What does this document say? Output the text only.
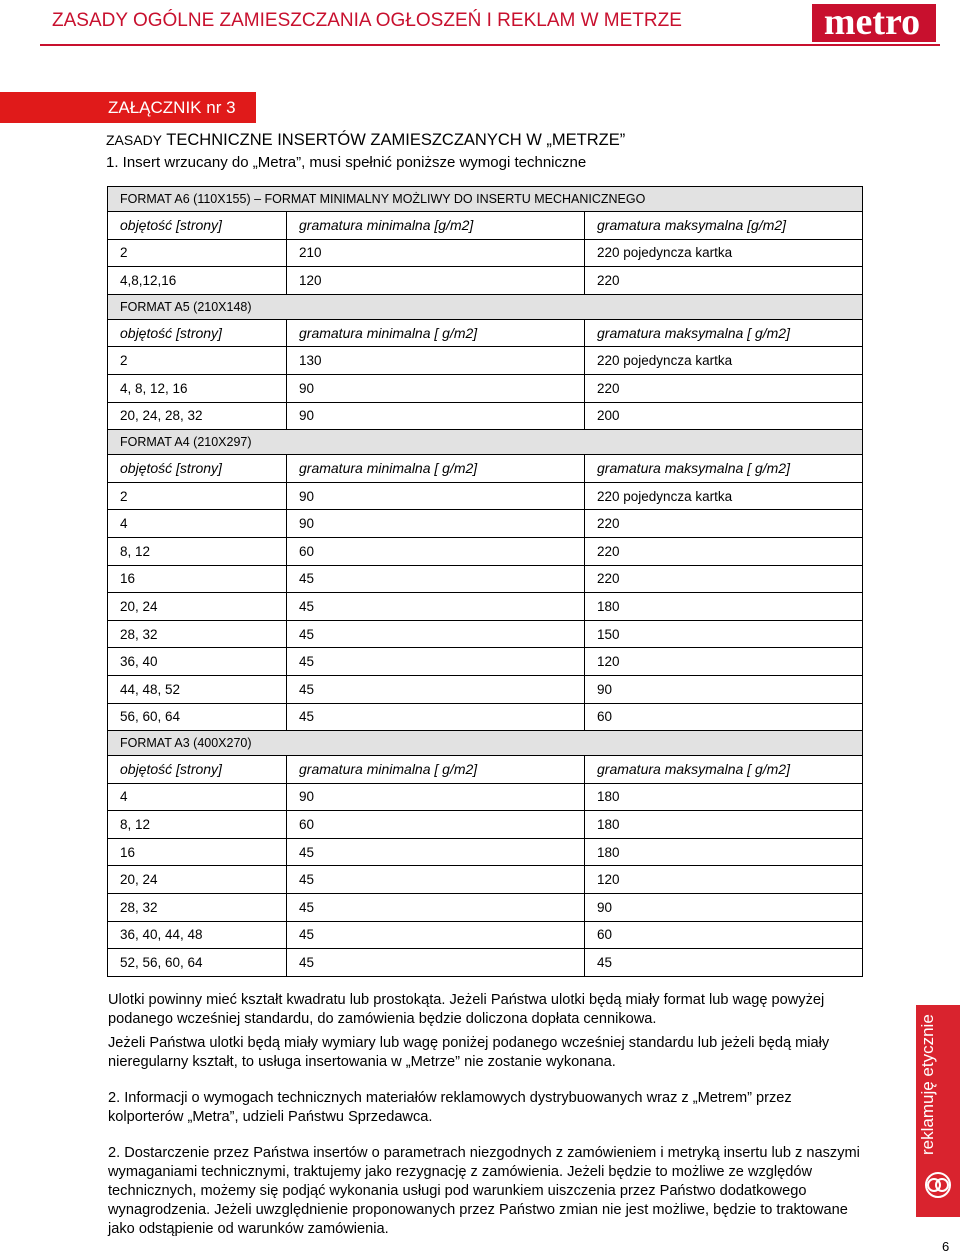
ZASADY OGÓLNE ZAMIESZCZANIA OGŁOSZEŃ I REKLAM W METRZE	metro
ZAŁĄCZNIK nr 3
ZASADY TECHNICZNE INSERTÓW ZAMIESZCZANYCH W „METRZE”
1. Insert wrzucany do „Metra”, musi spełnić poniższe wymogi techniczne
FORMAT A6 (110X155) – FORMAT MINIMALNY MOŻLIWY DO INSERTU MECHANICZNEGO		
objętość [strony]	gramatura minimalna [g/m2]	gramatura maksymalna [g/m2]
2	210	220 pojedyncza kartka
4,8,12,16	120	220
FORMAT A5 (210X148)		
objętość [strony]	gramatura minimalna [ g/m2]	gramatura maksymalna [ g/m2]
2	130	220 pojedyncza kartka
4, 8, 12, 16	90	220
20, 24, 28, 32	90	200
FORMAT A4 (210X297)		
objętość [strony]	gramatura minimalna [ g/m2]	gramatura maksymalna [ g/m2]
2	90	220 pojedyncza kartka
4	90	220
8, 12	60	220
16	45	220
20, 24	45	180
28, 32	45	150
36, 40	45	120
44, 48, 52	45	90
56, 60, 64	45	60
FORMAT A3 (400X270)		
objętość [strony]	gramatura minimalna [ g/m2]	gramatura maksymalna [ g/m2]
4	90	180
8, 12	60	180
16	45	180
20, 24	45	120
28, 32	45	90
36, 40, 44, 48	45	60
52, 56, 60, 64	45	45
Ulotki powinny mieć kształt kwadratu lub prostokąta. Jeżeli Państwa ulotki będą miały format lub wagę powyżej podanego wcześniej standardu, do zamówienia będzie doliczona dopłata cennikowa.
Jeżeli Państwa ulotki będą miały wymiary lub wagę poniżej podanego wcześniej standardu lub jeżeli będą miały nieregularny kształt, to usługa insertowania w „Metrze” nie zostanie wykonana.
2. Informacji o wymogach technicznych materiałów reklamowych dystrybuowanych wraz z „Metrem” przez kolporterów „Metra”, udzieli Państwu Sprzedawca.
2. Dostarczenie przez Państwa insertów o parametrach niezgodnych z zamówieniem i metryką insertu lub z naszymi wymaganiami technicznymi, traktujemy jako rezygnację z zamówienia. Jeżeli będzie to możliwe ze względów technicznych, możemy się podjąć wykonania usługi pod warunkiem uiszczenia przez Państwo dodatkowego wynagrodzenia. Jeżeli uwzględnienie proponowanych przez Państwo zmian nie jest możliwe, będzie to traktowane jako odstąpienie od warunków zamówienia.
reklamuję etycznie
6
